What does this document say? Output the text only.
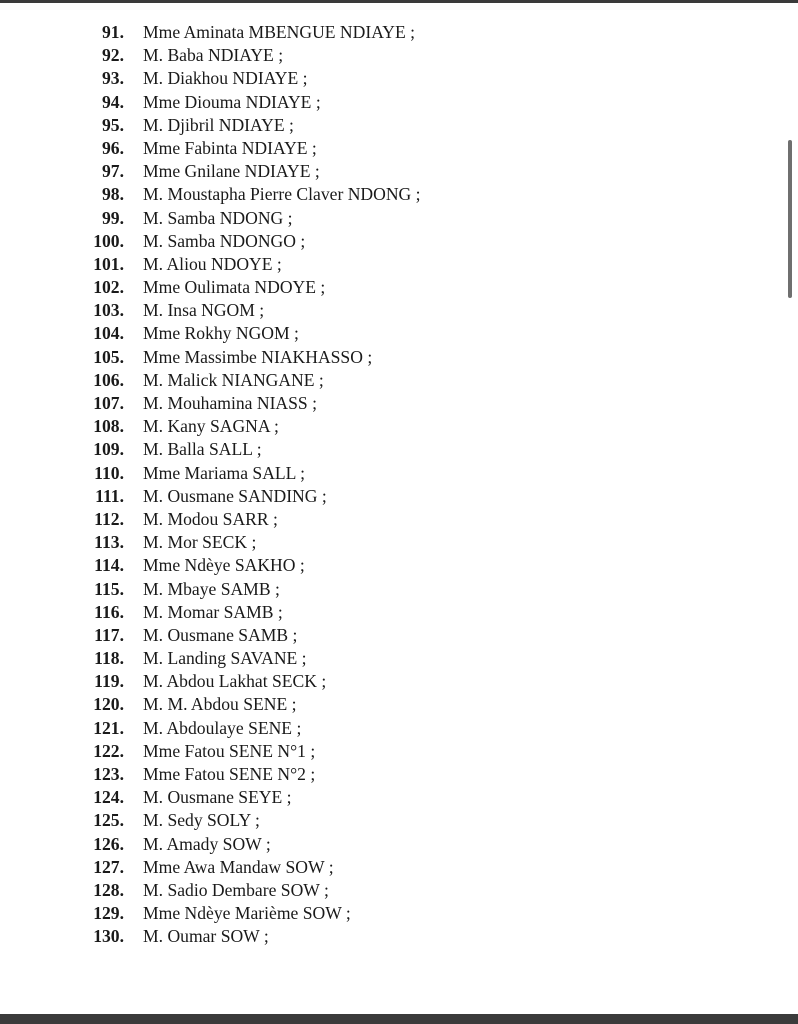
91. Mme Aminata MBENGUE NDIAYE ;
92. M. Baba NDIAYE ;
93. M. Diakhou NDIAYE ;
94. Mme Diouma NDIAYE ;
95. M. Djibril NDIAYE ;
96. Mme Fabinta NDIAYE ;
97. Mme Gnilane NDIAYE ;
98. M. Moustapha Pierre Claver NDONG ;
99. M. Samba NDONG ;
100. M. Samba NDONGO ;
101. M. Aliou NDOYE ;
102. Mme Oulimata NDOYE ;
103. M. Insa NGOM ;
104. Mme Rokhy NGOM ;
105. Mme Massimbe NIAKHASSO ;
106. M. Malick NIANGANE ;
107. M. Mouhamina NIASS ;
108. M. Kany SAGNA ;
109. M. Balla SALL ;
110. Mme Mariama SALL ;
111. M. Ousmane SANDING ;
112. M. Modou SARR ;
113. M. Mor SECK ;
114. Mme Ndèye SAKHO ;
115. M. Mbaye SAMB ;
116. M. Momar SAMB ;
117. M. Ousmane SAMB ;
118. M. Landing SAVANE ;
119. M. Abdou Lakhat SECK ;
120. M. M. Abdou SENE ;
121. M. Abdoulaye SENE ;
122. Mme Fatou SENE N°1 ;
123. Mme Fatou SENE N°2 ;
124. M. Ousmane SEYE ;
125. M. Sedy SOLY ;
126. M. Amady SOW ;
127. Mme Awa Mandaw SOW ;
128. M. Sadio Dembare SOW ;
129. Mme Ndèye Marième SOW ;
130. M. Oumar SOW ;
